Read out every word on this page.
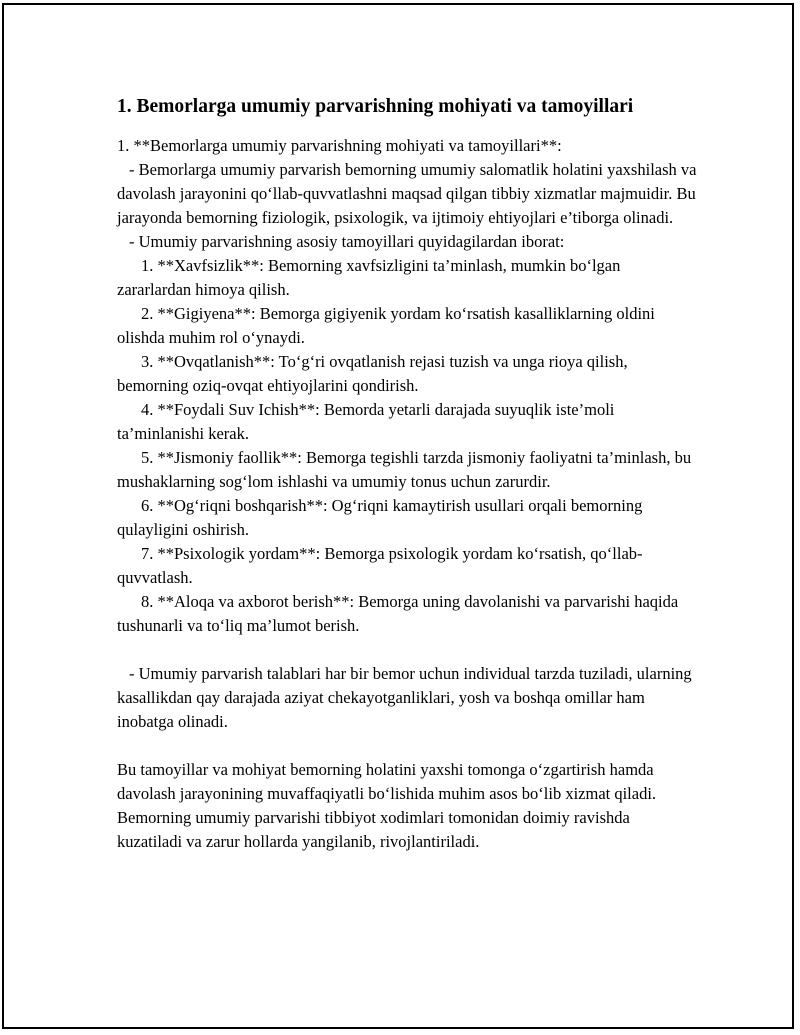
1. Bemorlarga umumiy parvarishning mohiyati va tamoyillari

1. **Bemorlarga umumiy parvarishning mohiyati va tamoyillari**:

- Bemorlarga umumiy parvarish bemorning umumiy salomatlik holatini yaxshilash va davolash jarayonini qo‘llab-quvvatlashni maqsad qilgan tibbiy xizmatlar majmuidir. Bu jarayonda bemorning fiziologik, psixologik, va ijtimoiy ehtiyojlari e’tiborga olinadi.

- Umumiy parvarishning asosiy tamoyillari quyidagilardan iborat:

1. **Xavfsizlik**: Bemorning xavfsizligini ta’minlash, mumkin bo‘lgan zararlardan himoya qilish.

2. **Gigiyena**: Bemorga gigiyenik yordam ko‘rsatish kasalliklarning oldini olishda muhim rol o‘ynaydi.

3. **Ovqatlanish**: To‘g‘ri ovqatlanish rejasi tuzish va unga rioya qilish, bemorning oziq-ovqat ehtiyojlarini qondirish.

4. **Foydali Suv Ichish**: Bemorda yetarli darajada suyuqlik iste’moli ta’minlanishi kerak.

5. **Jismoniy faollik**: Bemorga tegishli tarzda jismoniy faoliyatni ta’minlash, bu mushaklarning sog‘lom ishlashi va umumiy tonus uchun zarurdir.

6. **Og‘riqni boshqarish**: Og‘riqni kamaytirish usullari orqali bemorning qulayligini oshirish.

7. **Psixologik yordam**: Bemorga psixologik yordam ko‘rsatish, qo‘llab-quvvatlash.

8. **Aloqa va axborot berish**: Bemorga uning davolanishi va parvarishi haqida tushunarli va to‘liq ma’lumot berish.

- Umumiy parvarish talablari har bir bemor uchun individual tarzda tuziladi, ularning kasallikdan qay darajada aziyat chekayotganliklari, yosh va boshqa omillar ham inobatga olinadi.

Bu tamoyillar va mohiyat bemorning holatini yaxshi tomonga o‘zgartirish hamda davolash jarayonining muvaffaqiyatli bo‘lishida muhim asos bo‘lib xizmat qiladi. Bemorning umumiy parvarishi tibbiyot xodimlari tomonidan doimiy ravishda kuzatiladi va zarur hollarda yangilanib, rivojlantiriladi.
